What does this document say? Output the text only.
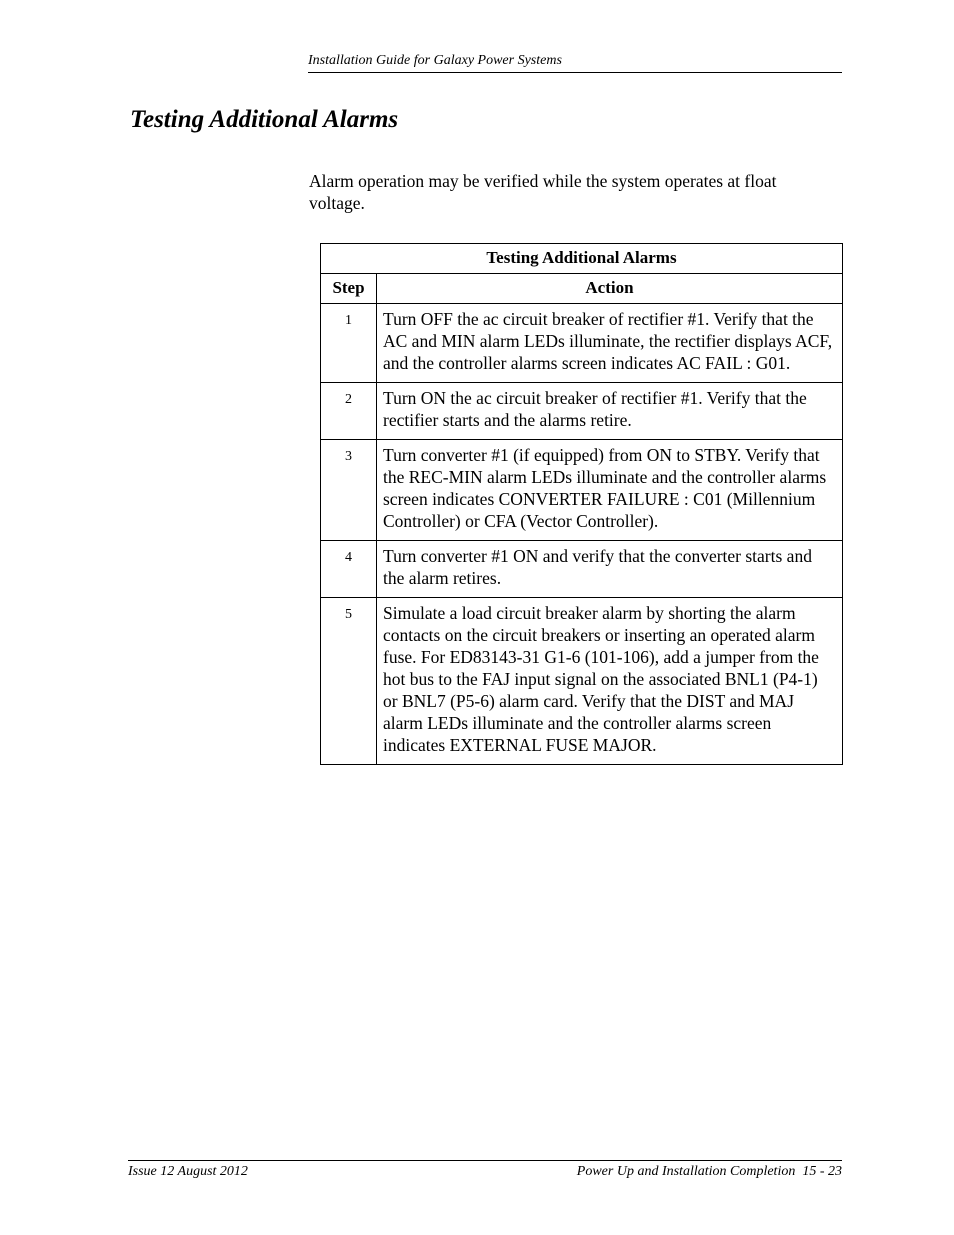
Installation Guide for Galaxy Power Systems
Testing Additional Alarms

Alarm operation may be verified while the system operates at float voltage.

Testing Additional Alarms	
Step	Action
1	Turn OFF the ac circuit breaker of rectifier #1. Verify that the AC and MIN alarm LEDs illuminate, the rectifier displays ACF, and the controller alarms screen indicates AC FAIL : G01.
2	Turn ON the ac circuit breaker of rectifier #1. Verify that the rectifier starts and the alarms retire.
3	Turn converter #1 (if equipped) from ON to STBY. Verify that the REC-MIN alarm LEDs illuminate and the controller alarms screen indicates CONVERTER FAILURE : C01 (Millennium Controller) or CFA (Vector Controller).
4	Turn converter #1 ON and verify that the converter starts and the alarm retires.
5	Simulate a load circuit breaker alarm by shorting the alarm contacts on the circuit breakers or inserting an operated alarm fuse. For ED83143-31 G1-6 (101-106), add a jumper from the hot bus to the FAJ input signal on the associated BNL1 (P4-1) or BNL7 (P5-6) alarm card. Verify that the DIST and MAJ alarm LEDs illuminate and the controller alarms screen indicates EXTERNAL FUSE MAJOR.
Issue 12 August 2012	Power Up and Installation Completion  15 - 23
